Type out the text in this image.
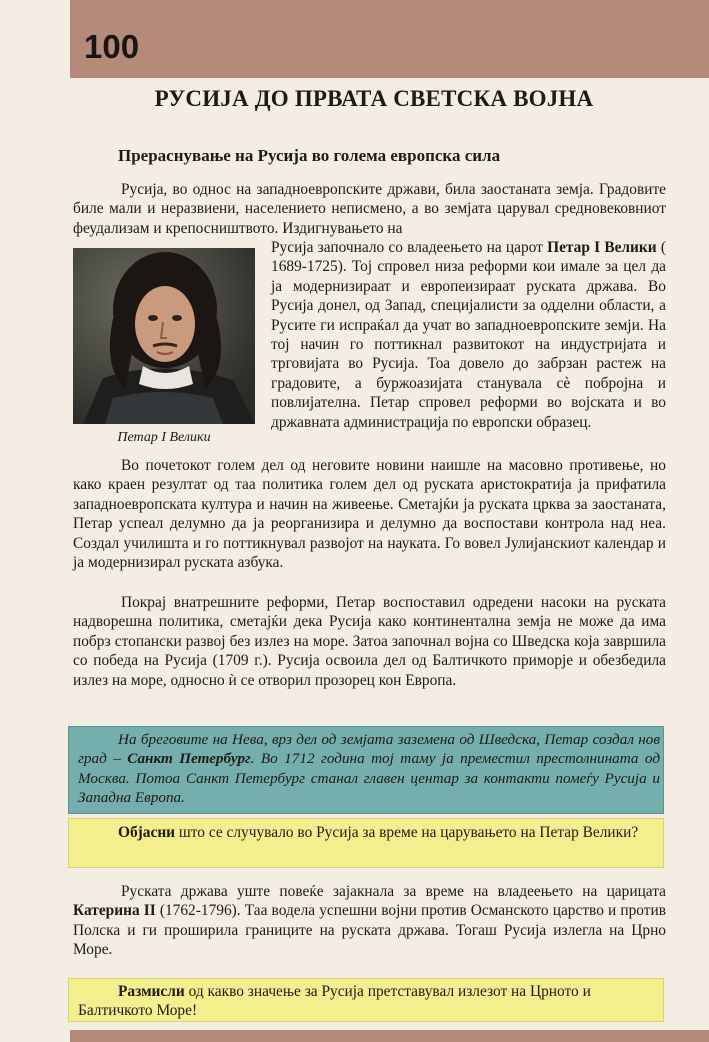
100
РУСИЈА ДО ПРВАТА СВЕТСКА ВОЈНА
Прераснување на Русија во голема европска сила

Русија, во однос на западноевропските држави, била заостаната земја. Градовите биле мали и неразвиени, населението неписмено, а во земјата царувал средновековниот феудализам и крепосништвото. Издигнувањето на

Петар I Велики

Русија започнало со владеењето на царот Петар I Велики ( 1689-1725). Тој спровел низа реформи кои имале за цел да ја модернизираат и европеизираат руската држава. Во Русија донел, од Запад, специјалисти за одделни области, а Русите ги испраќал да учат во западноевропските земји. На тој начин го поттикнал развитокот на индустријата и трговијата во Русија. Тоа довело до забрзан растеж на градовите, а буржоазијата станувала сè побројна и повлијателна. Петар спровел реформи во војската и во државната администрација по европски образец.

Во почетокот голем дел од неговите новини наишле на масовно противење, но како краен резултат од таа политика голем дел од руската аристократија ја прифатила западноевропската култура и начин на живеење. Сметајќи ја руската црква за заостаната, Петар успеал делумно да ја реорганизира и делумно да воспостави контрола над неа. Создал училишта и го поттикнувал развојот на науката. Го вовел Јулијанскиот календар и ја модернизирал руската азбука.

Покрај внатрешните реформи, Петар воспоставил одредени насоки на руската надворешна политика, сметајќи дека Русија како континентална земја не може да има побрз стопански развој без излез на море. Затоа започнал војна со Шведска која завршила со победа на Русија (1709 г.). Русија освоила дел од Балтичкото приморје и обезбедила излез на море, односно ѝ се отворил прозорец кон Европа.

На бреговите на Нева, врз дел од земјата заземена од Шведска, Петар создал нов град – Санкт Петербург. Во 1712 година тој таму ја преместил престолнината од Москва. Потоа Санкт Петербург станал главен центар за контакти помеѓу Русија и Западна Европа.

Објасни што се случувало во Русија за време на царувањето на Петар Велики?

Руската држава уште повеќе зајакнала за време на владеењето на царицата Катерина II (1762-1796). Таа водела успешни војни против Османското царство и против Полска и ги проширила границите на руската држава. Тогаш Русија излегла на Црно Море.

Размисли од какво значење за Русија претставувал излезот на Црното и Балтичкото Море!
